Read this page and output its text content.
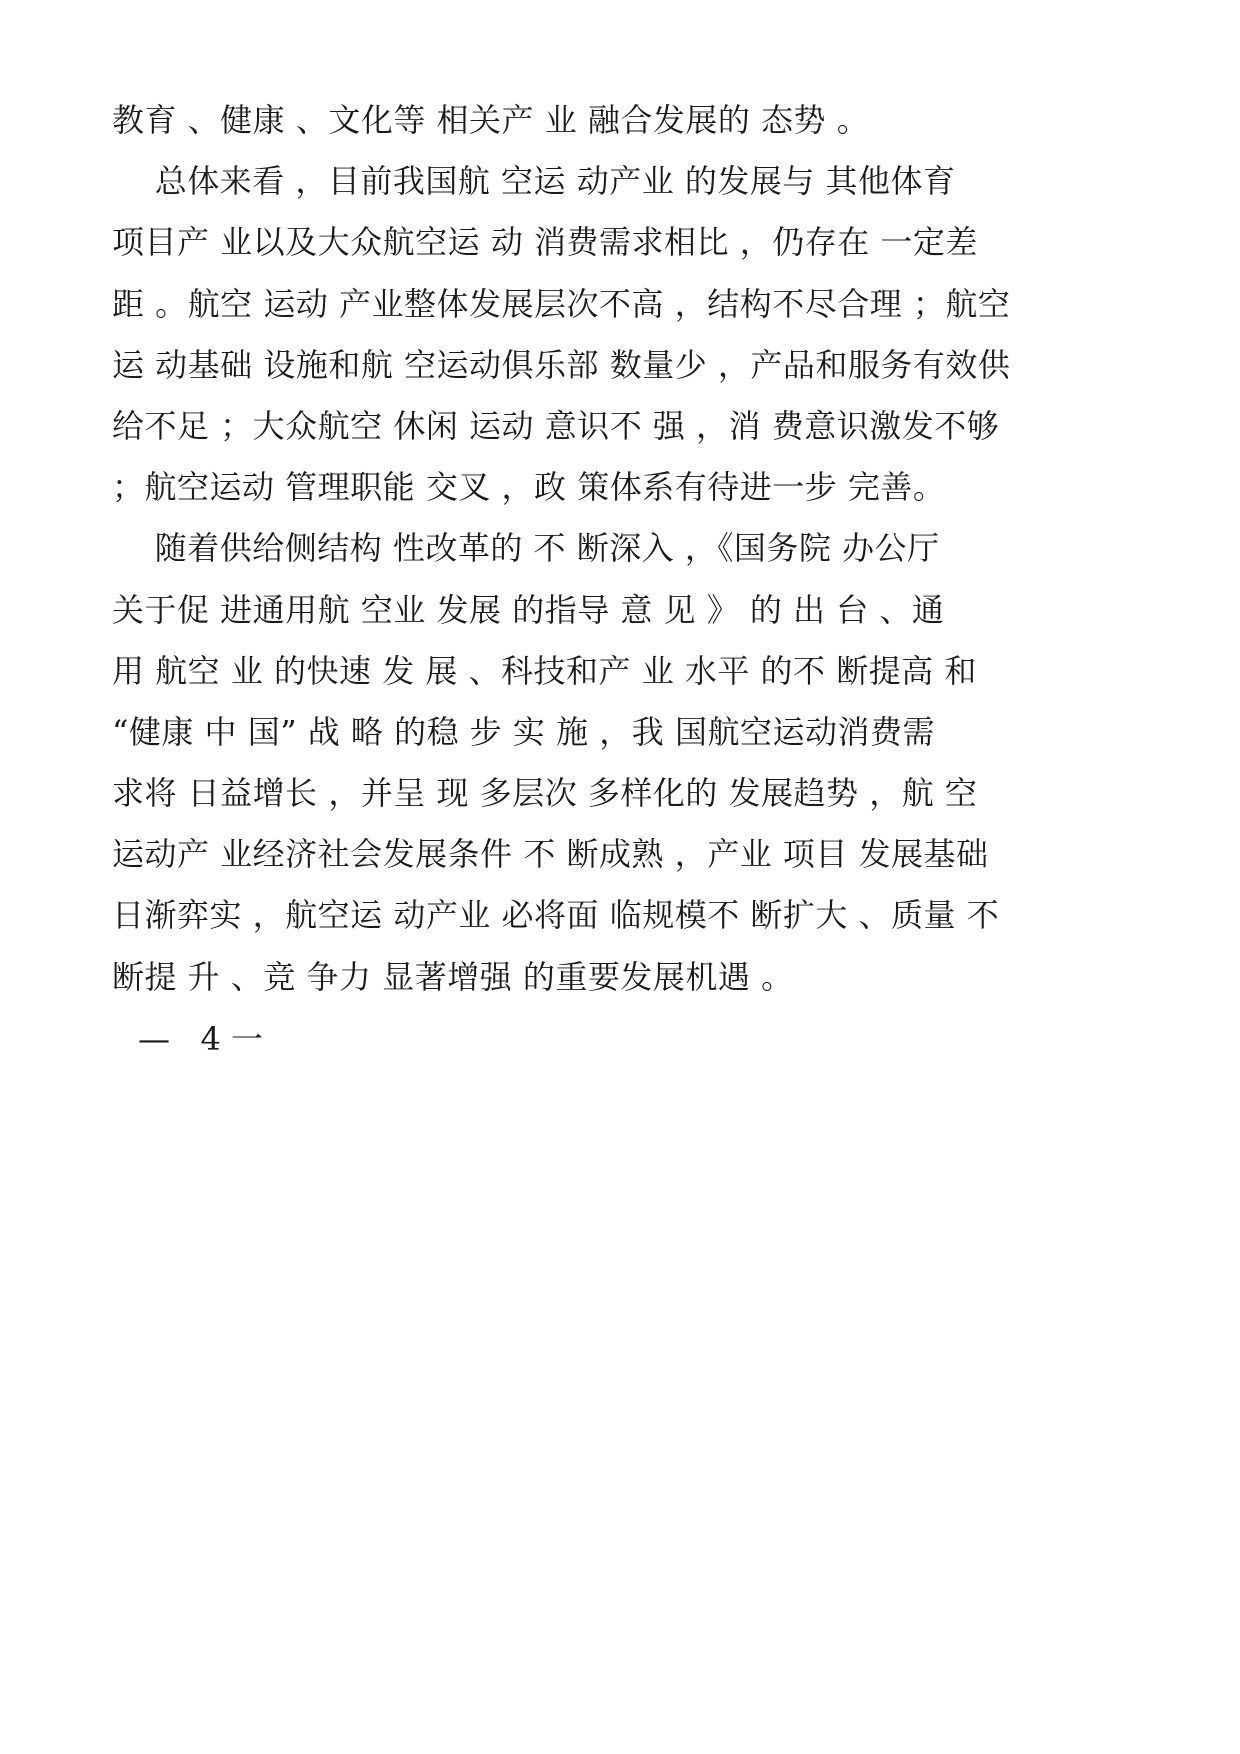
教育 、健康 、文化等 相关产 业 融合发展的 态势 。
总体来看 ，目前我国航 空运 动产业 的发展与 其他体育
项目产 业以及大众航空运 动 消费需求相比 ，仍存在 一定差
距 。航空 运动 产业整体发展层次不高 ，结构不尽合理 ；航空
运 动基础 设施和航 空运动俱乐部 数量少 ，产品和服务有效供
给不足 ；大众航空 休闲 运动 意识不 强 ，消 费意识激发不够
；航空运动 管理职能 交叉 ，政 策体系有待进一步 完善。
随着供给侧结构 性改革的 不 断深入 ，《国务院 办公厅
关于促 进通用航 空业 发展 的指导 意 见 》 的 出 台 、通
用 航空 业 的快速 发 展 、科技和产 业 水平 的不 断提高 和
“健康 中 国” 战 略 的稳 步 实 施 ，我 国航空运动消费需
求将 日益增长 ，并呈 现 多层次 多样化的 发展趋势 ，航 空
运动产 业经济社会发展条件 不 断成熟 ，产业 项目 发展基础
日渐弈实 ，航空运 动产业 必将面 临规模不 断扩大 、质量 不
断提 升 、竞 争力 显著增强 的重要发展机遇 。
—   4 一
